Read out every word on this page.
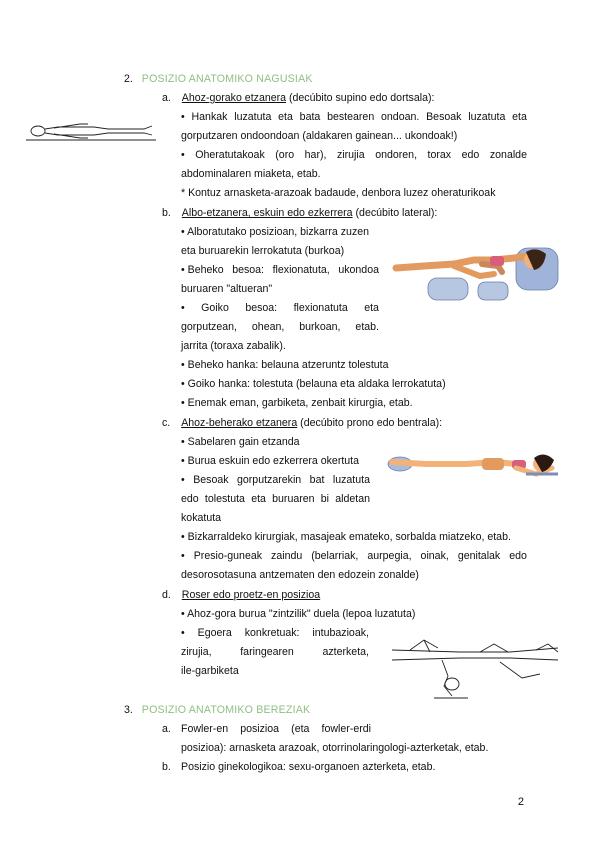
2. POSIZIO ANATOMIKO NAGUSIAK
a. Ahoz-gorako etzanera (decúbito supino edo dortsala):
• Hankak luzatuta eta bata bestearen ondoan. Besoak luzatuta eta
gorputzaren ondoondoan (aldakaren gainean... ukondoak!)
• Oheratutakoak (oro har), zirujia ondoren, torax edo zonalde
abdominalaren miaketa, etab.
* Kontuz arnasketa-arazoak badaude, denbora luzez oheraturikoak
b. Albo-etzanera, eskuin edo ezkerrera (decúbito lateral):
• Alboratutako posizioan, bizkarra zuzen
eta buruarekin lerrokatuta (burkoa)
• Beheko besoa: flexionatuta, ukondoa
buruaren "altueran"
• Goiko besoa: flexionatuta eta
gorputzean, ohean, burkoan, etab.
jarrita (toraxa zabalik).
• Beheko hanka: belauna atzeruntz tolestuta
• Goiko hanka: tolestuta (belauna eta aldaka lerrokatuta)
• Enemak eman, garbiketa, zenbait kirurgia, etab.
c. Ahoz-beherako etzanera (decúbito prono edo bentrala):
• Sabelaren gain etzanda
• Burua eskuin edo ezkerrera okertuta
• Besoak gorputzarekin bat luzatuta
edo tolestuta eta buruaren bi aldetan
kokatuta
• Bizkarraldeko kirurgiak, masajeak emateko, sorbalda miatzeko, etab.
• Presio-guneak zaindu (belarriak, aurpegia, oinak, genitalak edo
desorosotasuna antzematen den edozein zonalde)
d. Roser edo proetz-en posizioa
• Ahoz-gora burua "zintzilik" duela (lepoa luzatuta)
• Egoera konkretuak: intubazioak,
zirujia,	faringearen	azterketa,
ile-garbiketa
3. POSIZIO ANATOMIKO BEREZIAK
a. Fowler-en posizioa (eta fowler-erdi
posizioa): arnasketa arazoak, otorrinolaringologi-azterketak, etab.
b. Posizio ginekologikoa: sexu-organoen azterketa, etab.
2
